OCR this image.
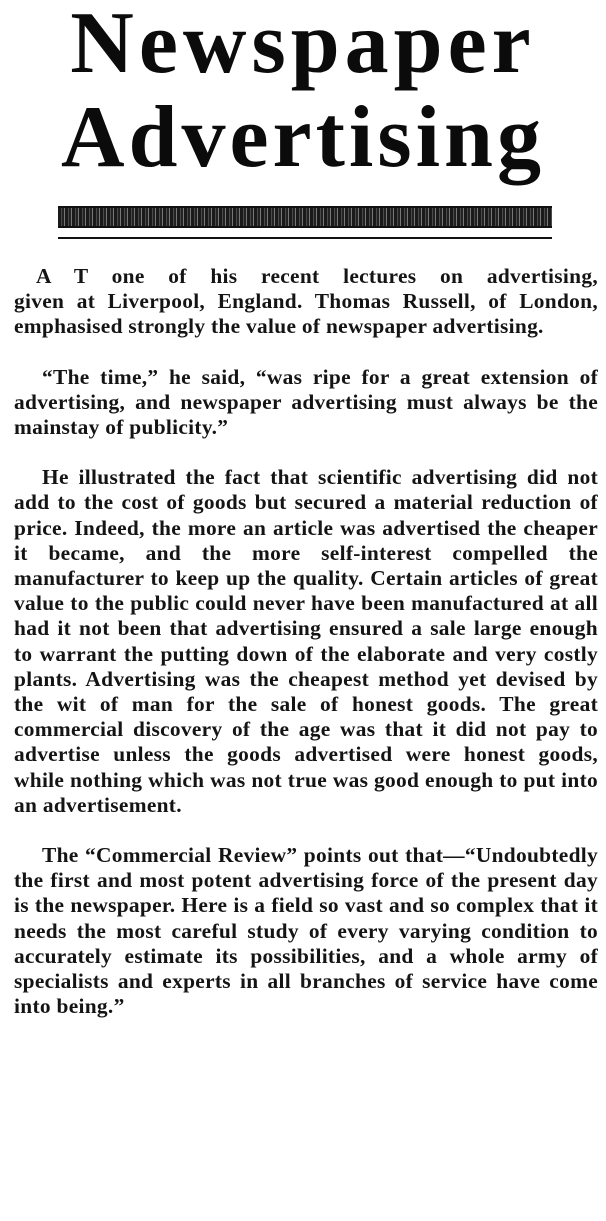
Newspaper
Advertising

A T one of his recent lectures on advertising,
given at Liverpool, England. Thomas Russell, of London, emphasised strongly the value of newspaper advertising.

“The time,” he said, “was ripe for a great extension of advertising, and newspaper advertising must always be the mainstay of publicity.”

He illustrated the fact that scientific advertising did not add to the cost of goods but secured a material reduction of price. Indeed, the more an article was advertised the cheaper it became, and the more self-interest compelled the manufacturer to keep up the quality. Certain articles of great value to the public could never have been manufactured at all had it not been that advertising ensured a sale large enough to warrant the putting down of the elaborate and very costly plants. Advertising was the cheapest method yet devised by the wit of man for the sale of honest goods. The great commercial discovery of the age was that it did not pay to advertise unless the goods advertised were honest goods, while nothing which was not true was good enough to put into an advertisement.

The “Commercial Review” points out that—“Undoubtedly the first and most potent advertising force of the present day is the newspaper. Here is a field so vast and so complex that it needs the most careful study of every varying condition to accurately estimate its possibilities, and a whole army of specialists and experts in all branches of service have come into being.”
